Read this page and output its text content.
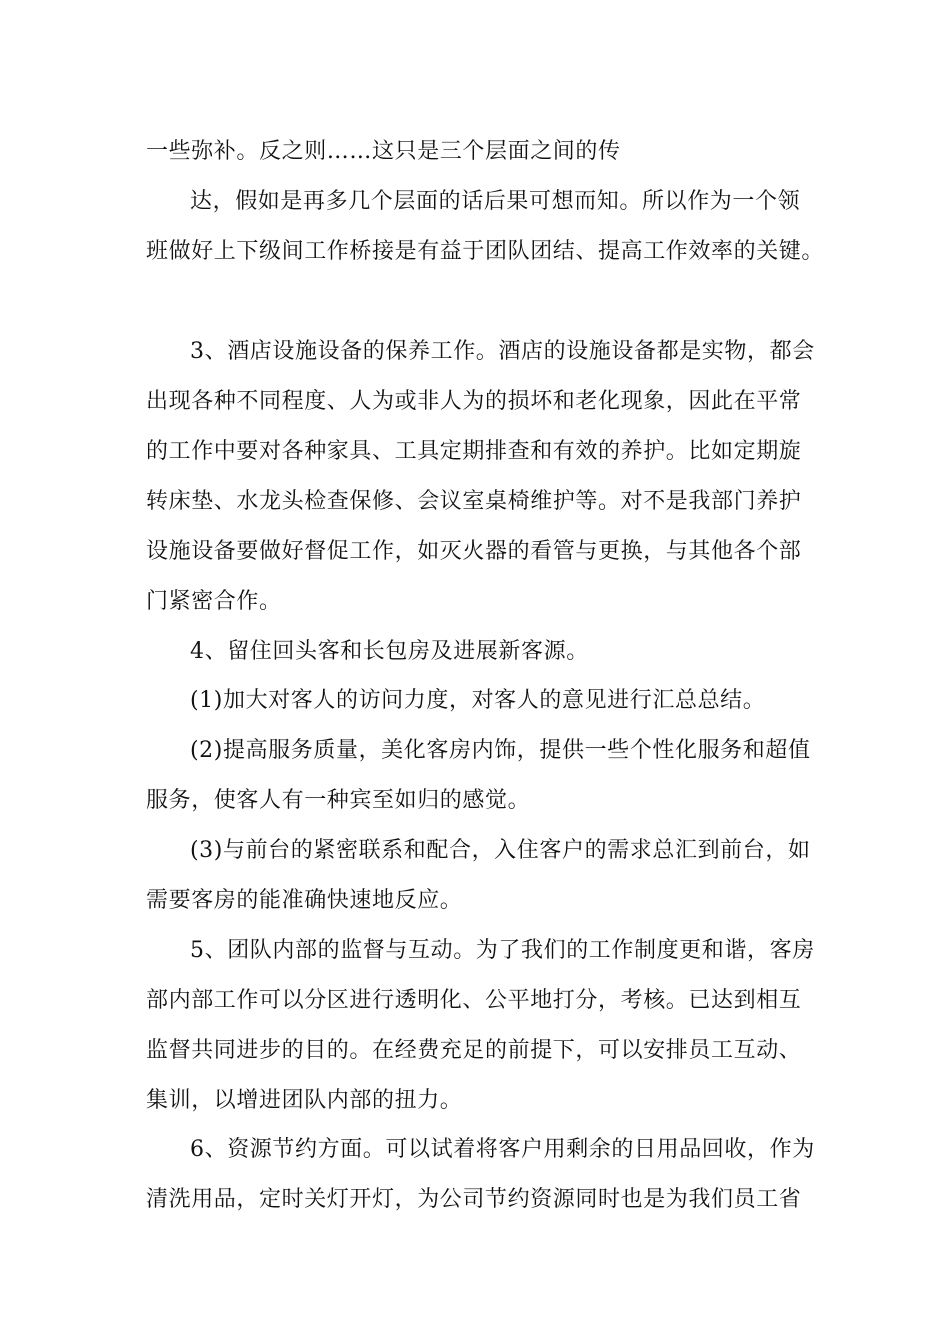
一些弥补。反之则……这只是三个层面之间的传
达，假如是再多几个层面的话后果可想而知。所以作为一个领
班做好上下级间工作桥接是有益于团队团结、提高工作效率的关键。
3、酒店设施设备的保养工作。酒店的设施设备都是实物，都会
出现各种不同程度、人为或非人为的损坏和老化现象，因此在平常
的工作中要对各种家具、工具定期排查和有效的养护。比如定期旋
转床垫、水龙头检查保修、会议室桌椅维护等。对不是我部门养护
设施设备要做好督促工作，如灭火器的看管与更换，与其他各个部
门紧密合作。
4、留住回头客和长包房及进展新客源。
(1)加大对客人的访问力度，对客人的意见进行汇总总结。
(2)提高服务质量，美化客房内饰，提供一些个性化服务和超值
服务，使客人有一种宾至如归的感觉。
(3)与前台的紧密联系和配合，入住客户的需求总汇到前台，如
需要客房的能准确快速地反应。
5、团队内部的监督与互动。为了我们的工作制度更和谐，客房
部内部工作可以分区进行透明化、公平地打分，考核。已达到相互
监督共同进步的目的。在经费充足的前提下，可以安排员工互动、
集训，以增进团队内部的扭力。
6、资源节约方面。可以试着将客户用剩余的日用品回收，作为
清洗用品，定时关灯开灯，为公司节约资源同时也是为我们员工省
